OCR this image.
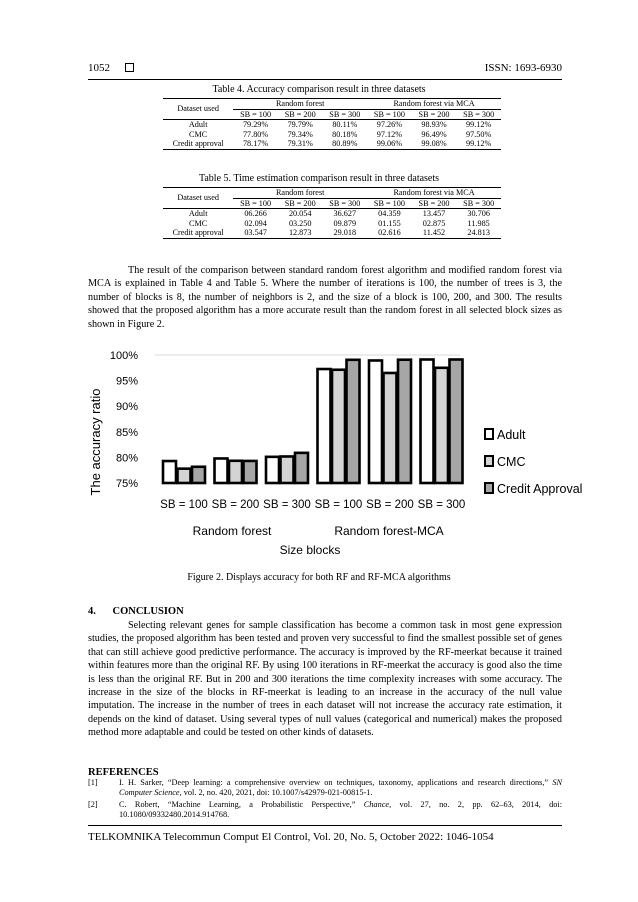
1052	ISSN: 1693-6930
Table 4. Accuracy comparison result in three datasets
Dataset used	Random forest			Random forest via MCA		
	SB = 100	SB = 200	SB = 300	SB = 100	SB = 200	SB = 300
Adult	79.29%	79.79%	80.11%	97.26%	98.93%	99.12%
CMC	77.80%	79.34%	80.18%	97.12%	96.49%	97.50%
Credit approval	78.17%	79.31%	80.89%	99.06%	99.08%	99.12%
Table 5. Time estimation comparison result in three datasets
Dataset used	Random forest			Random forest via MCA		
	SB = 100	SB = 200	SB = 300	SB = 100	SB = 200	SB = 300
Adult	06.266	20.054	36.627	04.359	13.457	30.706
CMC	02.094	03.250	09.879	01.155	02.875	11.985
Credit approval	03.547	12.873	29.018	02.616	11.452	24.813
The result of the comparison between standard random forest algorithm and modified random forest via MCA is explained in Table 4 and Table 5. Where the number of iterations is 100, the number of trees is 3, the number of blocks is 8, the number of neighbors is 2, and the size of a block is 100, 200, and 300. The results showed that the proposed algorithm has a more accurate result than the random forest in all selected block sizes as shown in Figure 2.
100%
95%
90%
85%
80%
75%
SB = 100 SB = 200 SB = 300 SB = 100 SB = 200 SB = 300
The accuracy ratio
Random forest	Random forest-MCA
Size blocks
Adult
CMC
Credit Approval
Figure 2. Displays accuracy for both RF and RF-MCA algorithms
4. CONCLUSION
Selecting relevant genes for sample classification has become a common task in most gene expression studies, the proposed algorithm has been tested and proven very successful to find the smallest possible set of genes that can still achieve good predictive performance. The accuracy is improved by the RF-meerkat because it trained within features more than the original RF. By using 100 iterations in RF-meerkat the accuracy is good also the time is less than the original RF. But in 200 and 300 iterations the time complexity increases with some accuracy. The increase in the size of the blocks in RF-meerkat is leading to an increase in the accuracy of the null value imputation. The increase in the number of trees in each dataset will not increase the accuracy rate estimation, it depends on the kind of dataset. Using several types of null values (categorical and numerical) makes the proposed method more adaptable and could be tested on other kinds of datasets.
REFERENCES
[1]	I. H. Sarker, “Deep learning: a comprehensive overview on techniques, taxonomy, applications and research directions,” SN Computer Science, vol. 2, no. 420, 2021, doi: 10.1007/s42979-021-00815-1.
[2]	C. Robert, “Machine Learning, a Probabilistic Perspective,” Chance, vol. 27, no. 2, pp. 62–63, 2014, doi: 10.1080/09332480.2014.914768.
TELKOMNIKA Telecommun Comput El Control, Vol. 20, No. 5, October 2022: 1046-1054
